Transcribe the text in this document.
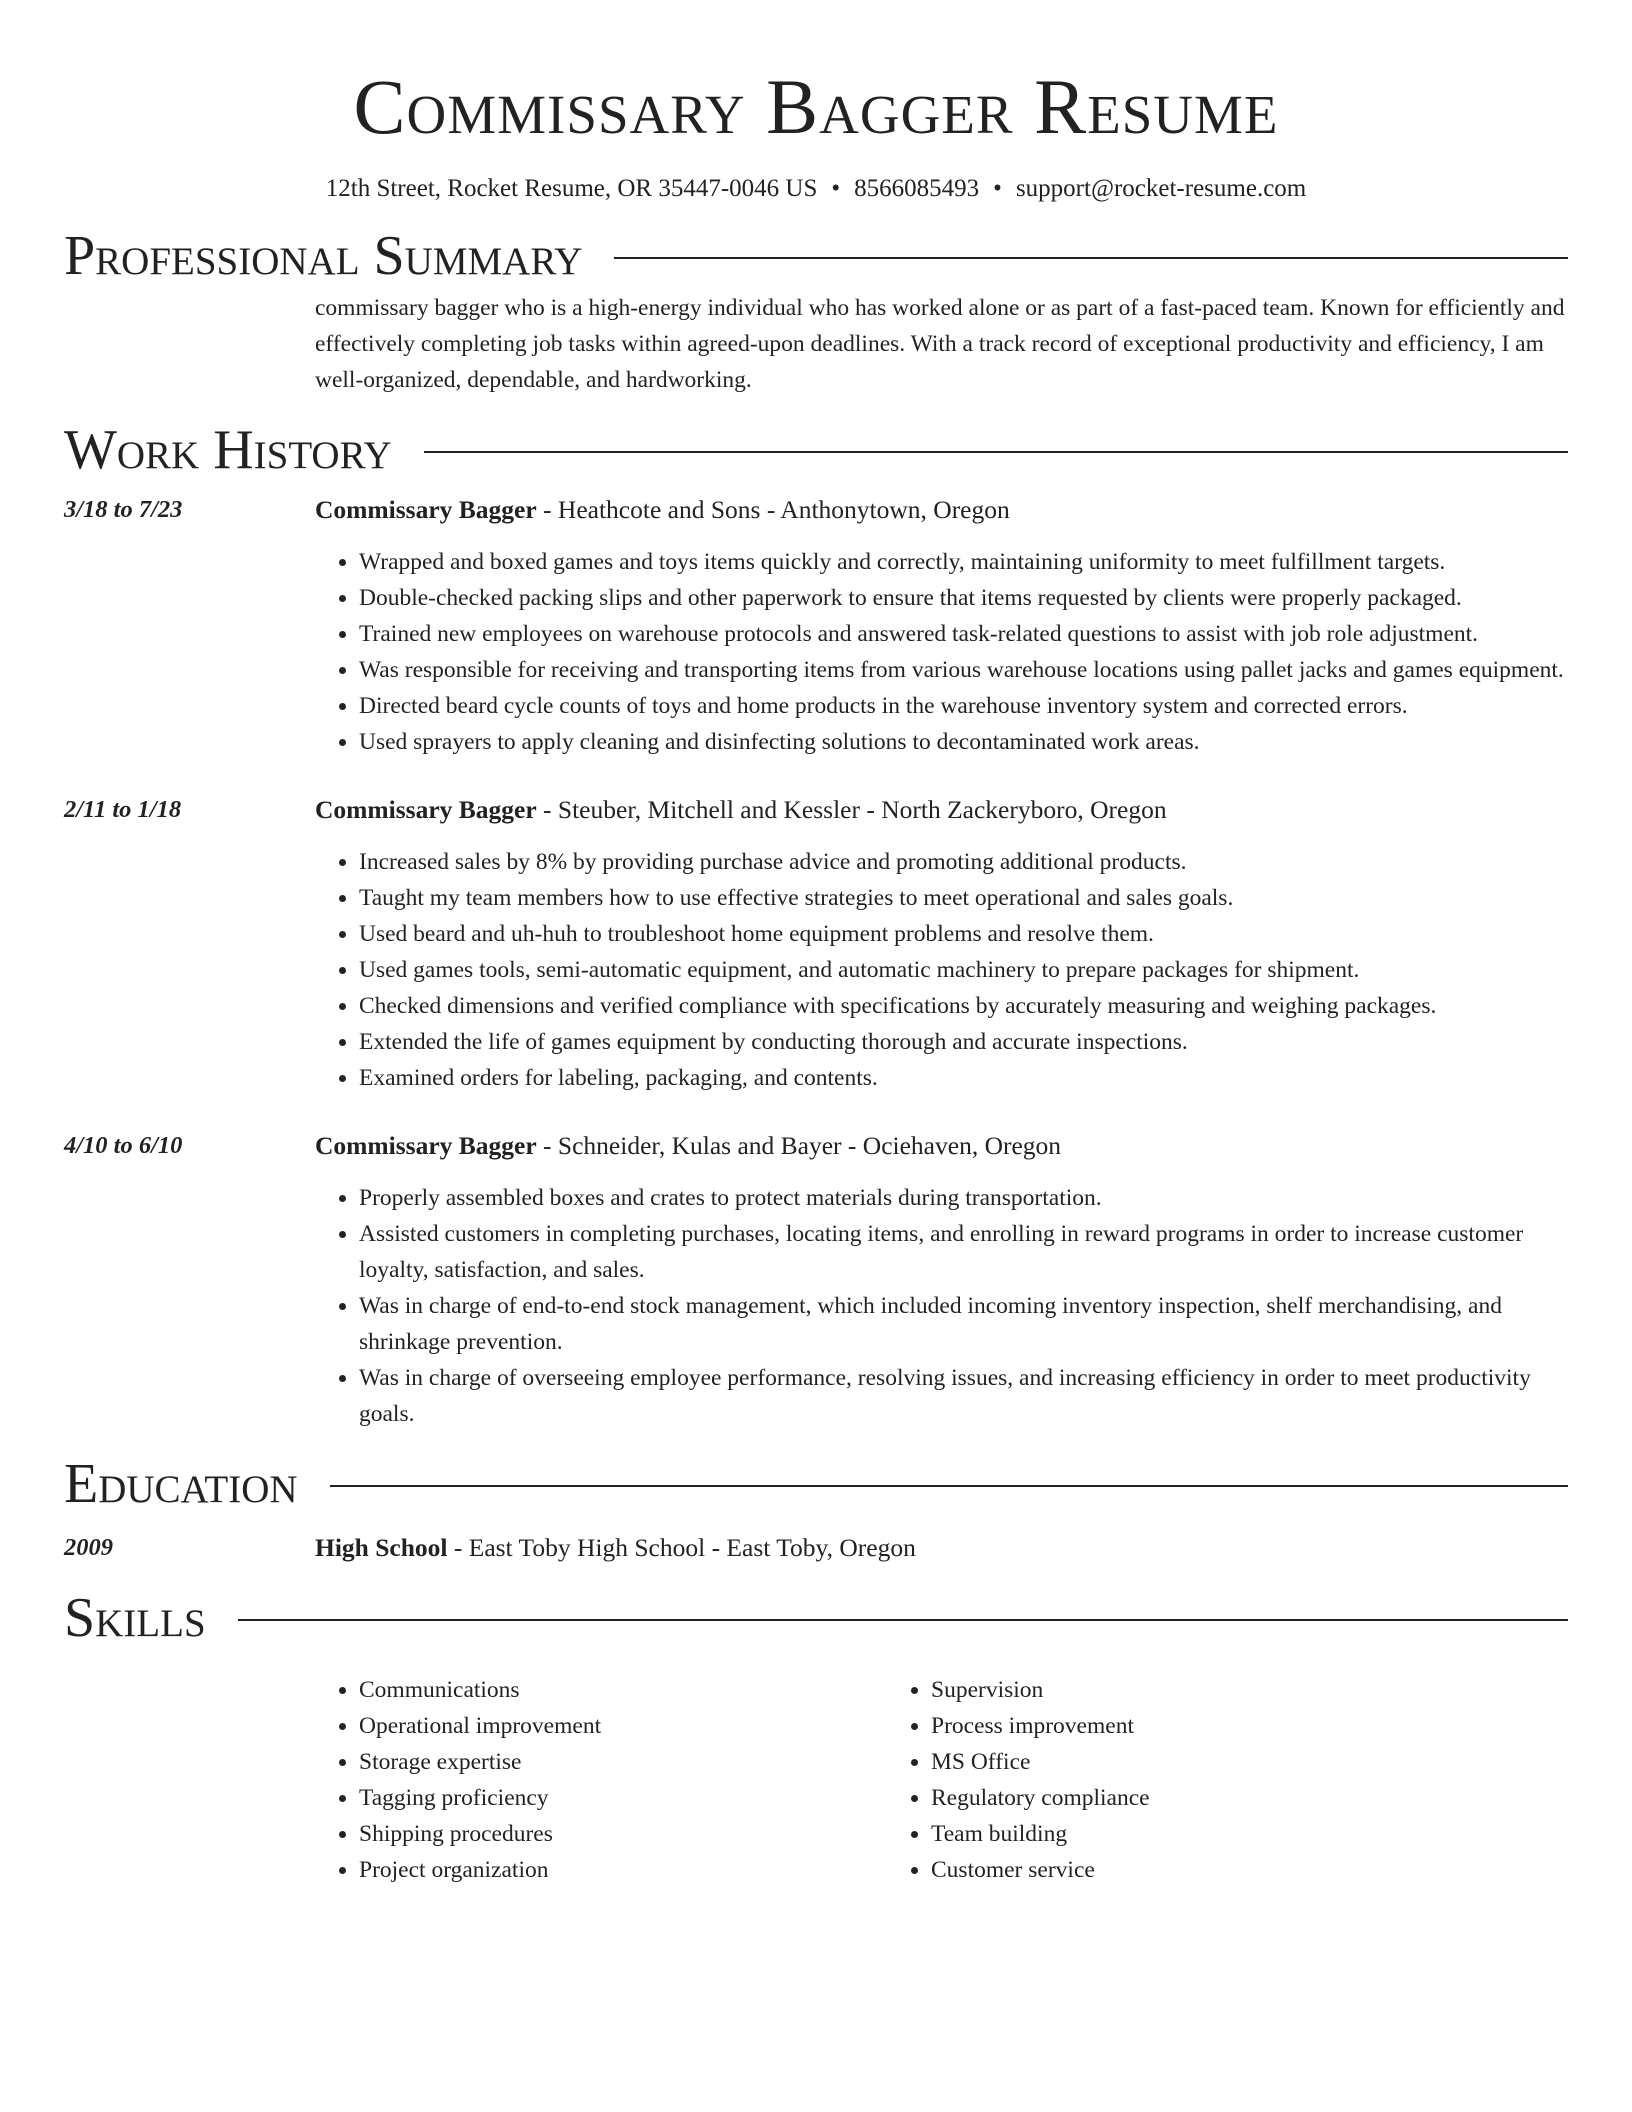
Commissary Bagger Resume
12th Street, Rocket Resume, OR 35447-0046 US • 8566085493 • support@rocket-resume.com
Professional Summary
commissary bagger who is a high-energy individual who has worked alone or as part of a fast-paced team. Known for efficiently and effectively completing job tasks within agreed-upon deadlines. With a track record of exceptional productivity and efficiency, I am well-organized, dependable, and hardworking.
Work History
3/18 to 7/23	Commissary Bagger - Heathcote and Sons - Anthonytown, Oregon
• Wrapped and boxed games and toys items quickly and correctly, maintaining uniformity to meet fulfillment targets.
• Double-checked packing slips and other paperwork to ensure that items requested by clients were properly packaged.
• Trained new employees on warehouse protocols and answered task-related questions to assist with job role adjustment.
• Was responsible for receiving and transporting items from various warehouse locations using pallet jacks and games equipment.
• Directed beard cycle counts of toys and home products in the warehouse inventory system and corrected errors.
• Used sprayers to apply cleaning and disinfecting solutions to decontaminated work areas.
2/11 to 1/18	Commissary Bagger - Steuber, Mitchell and Kessler - North Zackeryboro, Oregon
• Increased sales by 8% by providing purchase advice and promoting additional products.
• Taught my team members how to use effective strategies to meet operational and sales goals.
• Used beard and uh-huh to troubleshoot home equipment problems and resolve them.
• Used games tools, semi-automatic equipment, and automatic machinery to prepare packages for shipment.
• Checked dimensions and verified compliance with specifications by accurately measuring and weighing packages.
• Extended the life of games equipment by conducting thorough and accurate inspections.
• Examined orders for labeling, packaging, and contents.
4/10 to 6/10	Commissary Bagger - Schneider, Kulas and Bayer - Ociehaven, Oregon
• Properly assembled boxes and crates to protect materials during transportation.
• Assisted customers in completing purchases, locating items, and enrolling in reward programs in order to increase customer loyalty, satisfaction, and sales.
• Was in charge of end-to-end stock management, which included incoming inventory inspection, shelf merchandising, and shrinkage prevention.
• Was in charge of overseeing employee performance, resolving issues, and increasing efficiency in order to meet productivity goals.
Education
2009	High School - East Toby High School - East Toby, Oregon
Skills
• Communications
• Operational improvement
• Storage expertise
• Tagging proficiency
• Shipping procedures
• Project organization
• Supervision
• Process improvement
• MS Office
• Regulatory compliance
• Team building
• Customer service
